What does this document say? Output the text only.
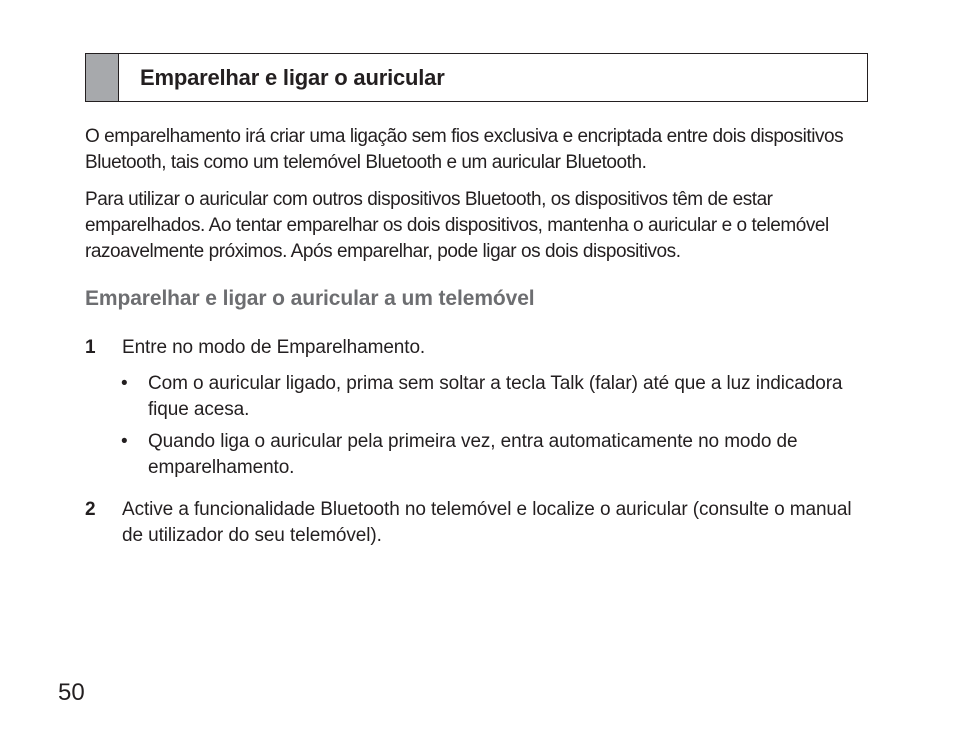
Emparelhar e ligar o auricular

O emparelhamento irá criar uma ligação sem fios exclusiva e encriptada entre dois dispositivos Bluetooth, tais como um telemóvel Bluetooth e um auricular Bluetooth.

Para utilizar o auricular com outros dispositivos Bluetooth, os dispositivos têm de estar emparelhados. Ao tentar emparelhar os dois dispositivos, mantenha o auricular e o telemóvel razoavelmente próximos. Após emparelhar, pode ligar os dois dispositivos.

Emparelhar e ligar o auricular a um telemóvel
1	Entre no modo de Emparelhamento.
•	Com o auricular ligado, prima sem soltar a tecla Talk (falar) até que a luz indicadora fique acesa.
•	Quando liga o auricular pela primeira vez, entra automaticamente no modo de emparelhamento.
2	Active a funcionalidade Bluetooth no telemóvel e localize o auricular (consulte o manual de utilizador do seu telemóvel).
50
